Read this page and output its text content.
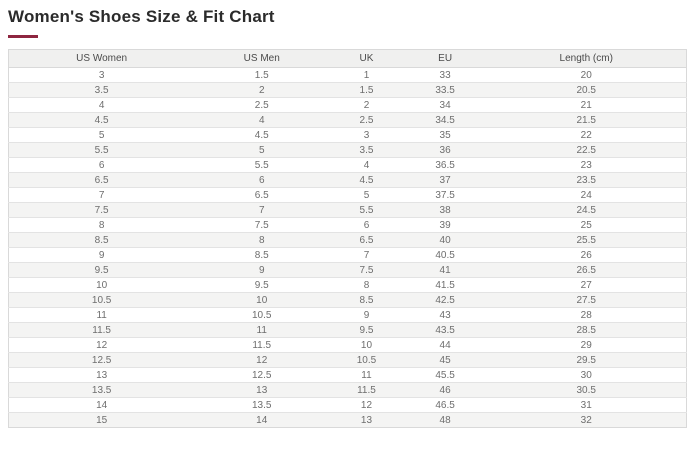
Women's Shoes Size & Fit Chart
US Women	US Men	UK	EU	Length (cm)
3	1.5	1	33	20
3.5	2	1.5	33.5	20.5
4	2.5	2	34	21
4.5	4	2.5	34.5	21.5
5	4.5	3	35	22
5.5	5	3.5	36	22.5
6	5.5	4	36.5	23
6.5	6	4.5	37	23.5
7	6.5	5	37.5	24
7.5	7	5.5	38	24.5
8	7.5	6	39	25
8.5	8	6.5	40	25.5
9	8.5	7	40.5	26
9.5	9	7.5	41	26.5
10	9.5	8	41.5	27
10.5	10	8.5	42.5	27.5
11	10.5	9	43	28
11.5	11	9.5	43.5	28.5
12	11.5	10	44	29
12.5	12	10.5	45	29.5
13	12.5	11	45.5	30
13.5	13	11.5	46	30.5
14	13.5	12	46.5	31
15	14	13	48	32
